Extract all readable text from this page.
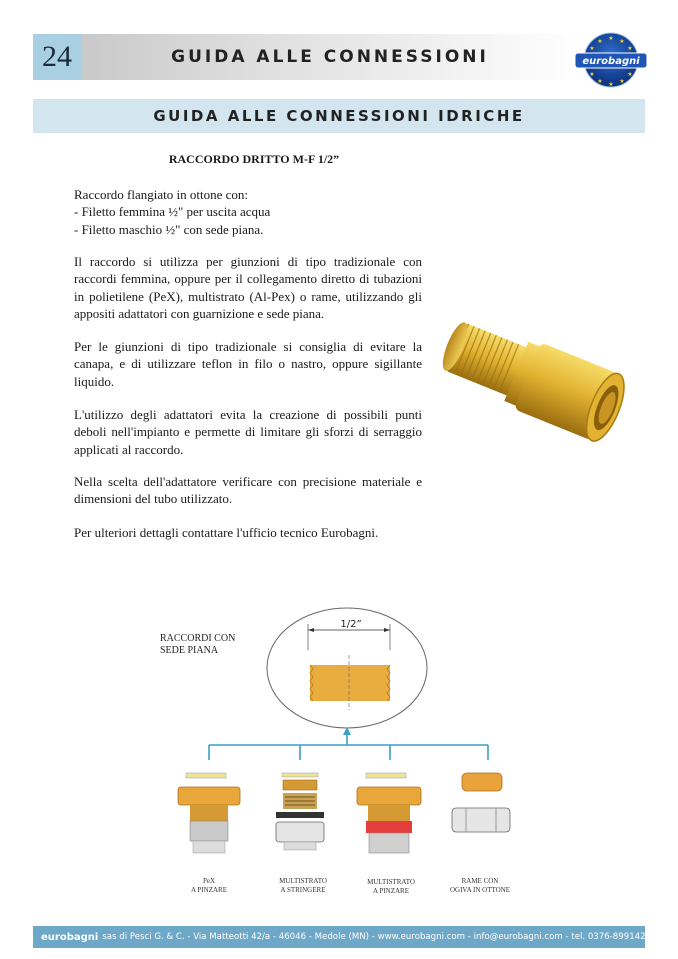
24	GUIDA ALLE CONNESSIONI
★ ★
★
★
★
★
★
★
★ ★
eurobagni
GUIDA ALLE CONNESSIONI IDRICHE
RACCORDO DRITTO M-F 1/2”

Raccordo flangiato in ottone con:

- Filetto femmina ½" per uscita acqua

- Filetto maschio ½" con sede piana.

Il raccordo si utilizza per giunzioni di tipo tradizionale con raccordi femmina, oppure per il collegamento diretto di tubazioni in polietilene (PeX), multistrato (Al-Pex) o rame, utilizzando gli appositi adattatori con guarnizione e sede piana.
Per le giunzioni di tipo tradizionale si consiglia di evitare la canapa, e di utilizzare teflon in filo o nastro, oppure sigillante liquido.
L'utilizzo degli adattatori evita la creazione di possibili punti deboli nell'impianto e permette di limitare gli sforzi di serraggio applicati al raccordo.
Nella scelta dell'adattatore verificare con precisione materiale e dimensioni del tubo utilizzato.
Per ulteriori dettagli contattare l'ufficio tecnico Eurobagni.
1/2”
RACCORDI CON
SEDE PIANA
PeX
A PINZARE
MULTISTRATO
A STRINGERE
MULTISTRATO
A PINZARE
RAME CON
OGIVA IN OTTONE
eurobagni sas di Pesci G. & C. - Via Matteotti 42/a - 46046 - Medole (MN) - www.eurobagni.com - info@eurobagni.com - tel. 0376-899142
